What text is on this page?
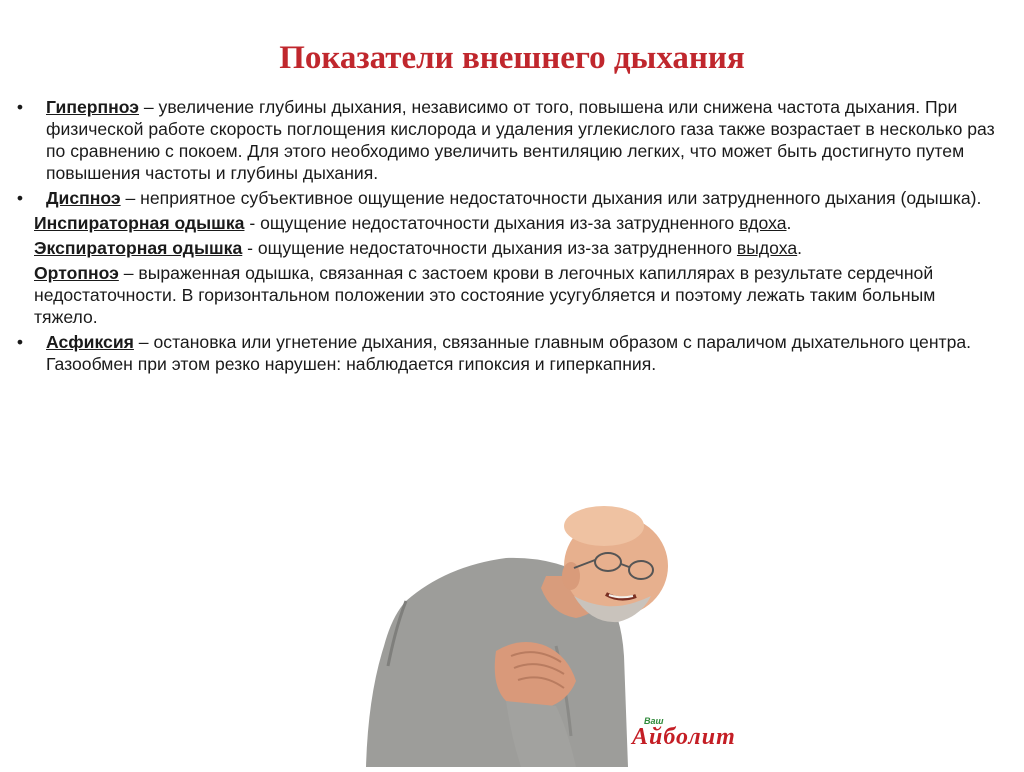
Показатели внешнего дыхания
•	Гиперпноэ – увеличение глубины дыхания, независимо от того, повышена или снижена частота дыхания. При физической работе скорость поглощения кислорода и удаления углекислого газа также возрастает в несколько раз по сравнению с покоем. Для этого необходимо увеличить вентиляцию легких, что может быть достигнуто путем повышения частоты и глубины дыхания.
•	Диспноэ – неприятное субъективное ощущение недостаточности дыхания или затрудненного дыхания (одышка).
Инспираторная одышка - ощущение недостаточности дыхания из-за затрудненного вдоха.
Экспираторная одышка - ощущение недостаточности дыхания из-за затрудненного выдоха.
Ортопноэ – выраженная одышка, связанная с застоем крови в легочных капиллярах в результате сердечной недостаточности. В горизонтальном положении это состояние усугубляется и поэтому лежать таким больным тяжело.
•	Асфиксия – остановка или угнетение дыхания, связанные главным образом с параличом дыхательного центра. Газообмен при этом резко нарушен: наблюдается гипоксия и гиперкапния.
Ваш
Айболит
